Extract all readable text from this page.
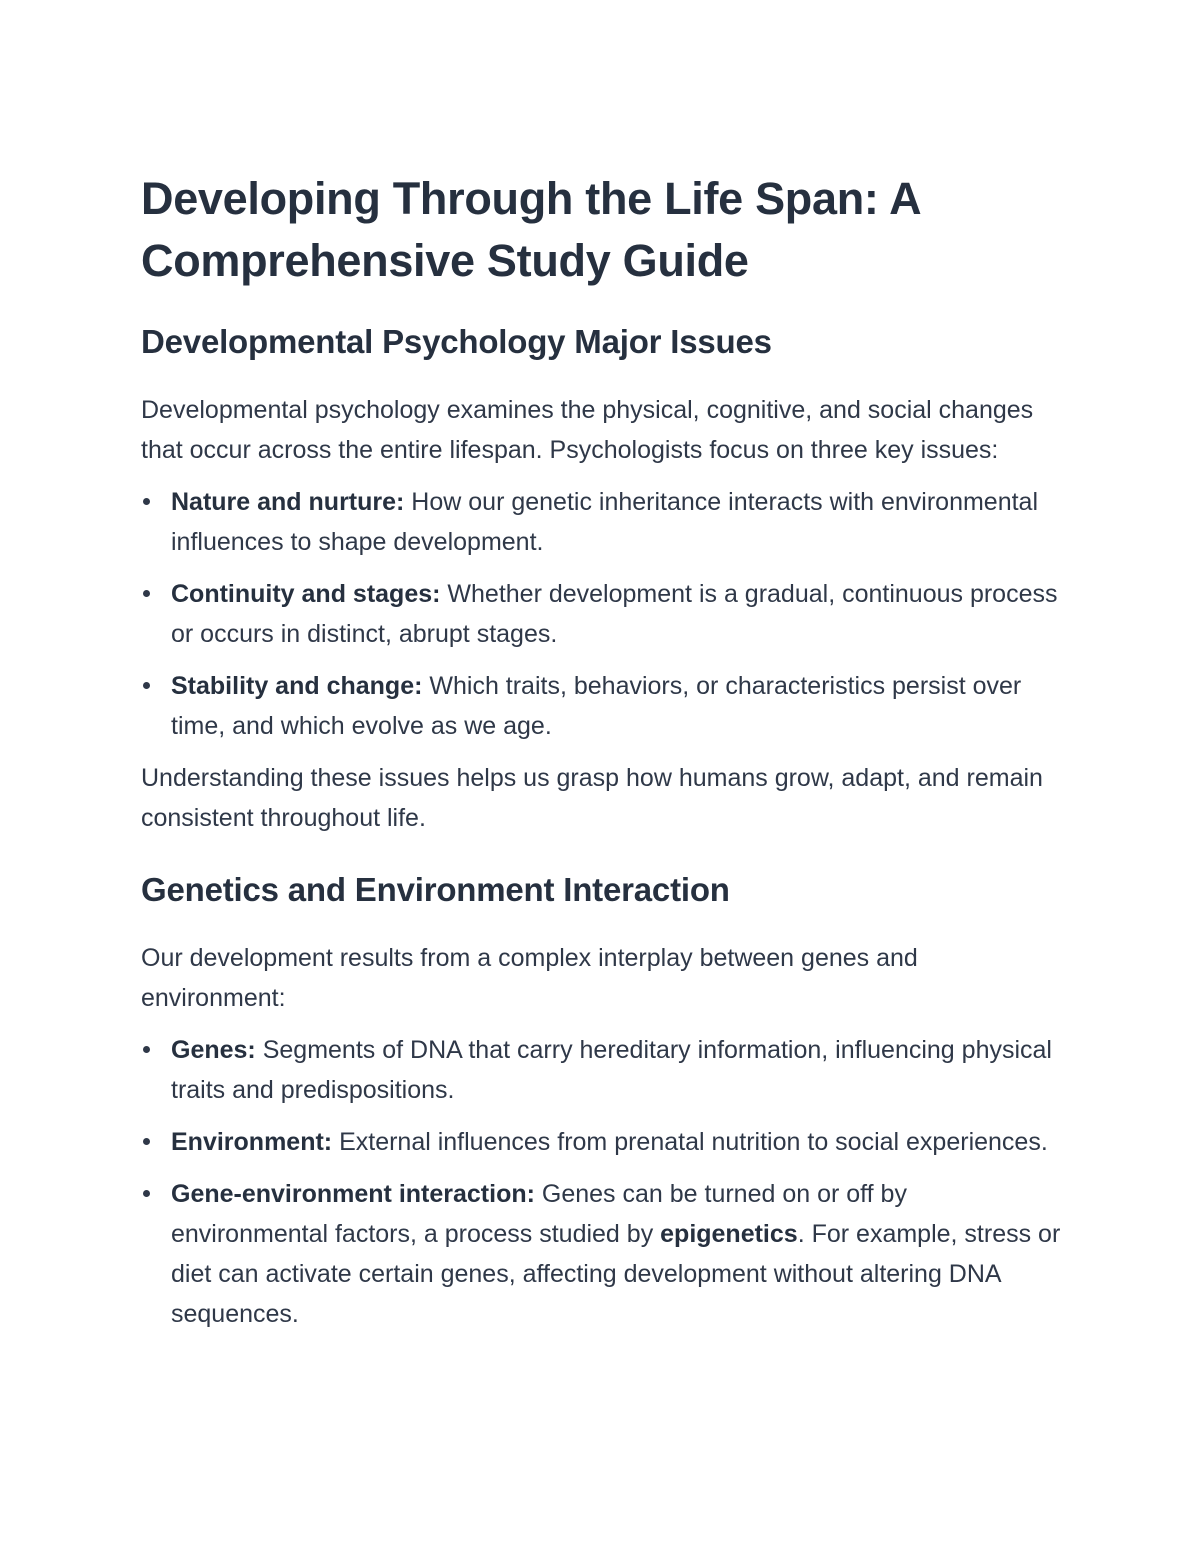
Developing Through the Life Span: A Comprehensive Study Guide
Developmental Psychology Major Issues

Developmental psychology examines the physical, cognitive, and social changes that occur across the entire lifespan. Psychologists focus on three key issues:

Nature and nurture: How our genetic inheritance interacts with environmental influences to shape development.
Continuity and stages: Whether development is a gradual, continuous process or occurs in distinct, abrupt stages.
Stability and change: Which traits, behaviors, or characteristics persist over time, and which evolve as we age.

Understanding these issues helps us grasp how humans grow, adapt, and remain consistent throughout life.

Genetics and Environment Interaction

Our development results from a complex interplay between genes and environment:

Genes: Segments of DNA that carry hereditary information, influencing physical traits and predispositions.
Environment: External influences from prenatal nutrition to social experiences.
Gene-environment interaction: Genes can be turned on or off by environmental factors, a process studied by epigenetics. For example, stress or diet can activate certain genes, affecting development without altering DNA sequences.
